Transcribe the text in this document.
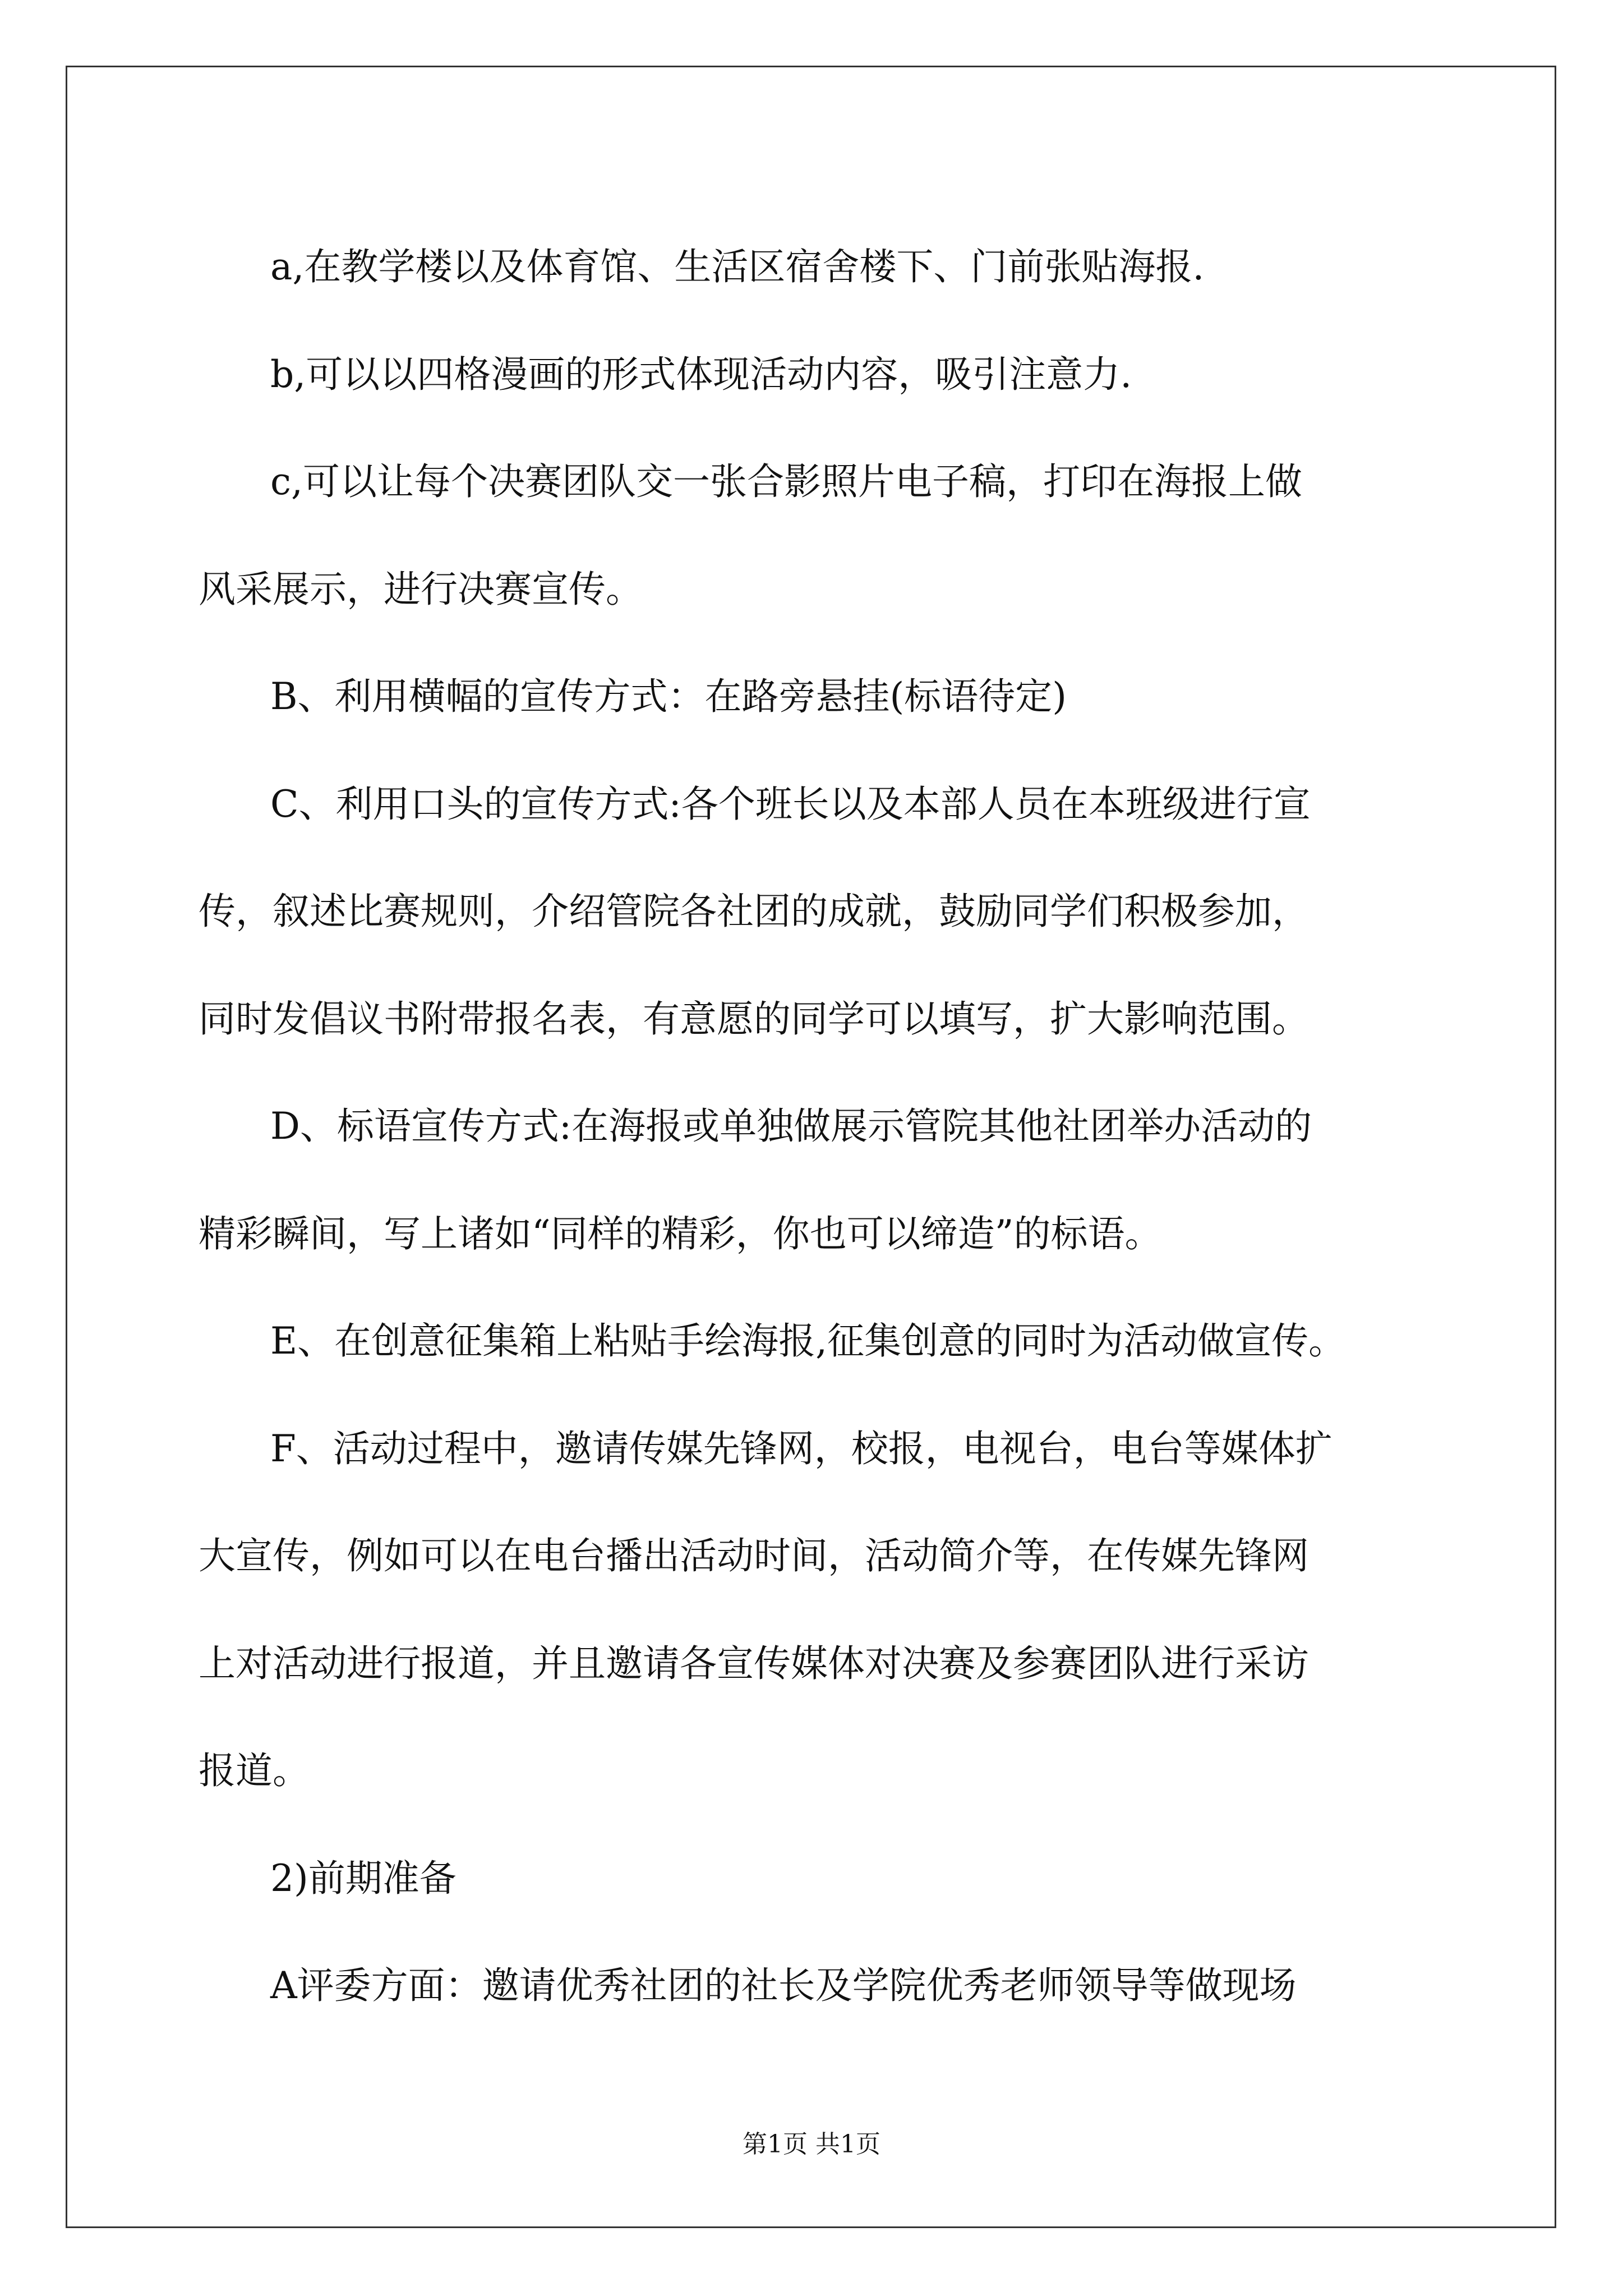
a,在教学楼以及体育馆、生活区宿舍楼下、门前张贴海报.

b,可以以四格漫画的形式体现活动内容，吸引注意力.

c,可以让每个决赛团队交一张合影照片电子稿，打印在海报上做

风采展示，进行决赛宣传。

B、利用横幅的宣传方式：在路旁悬挂(标语待定)

C、利用口头的宣传方式:各个班长以及本部人员在本班级进行宣

传，叙述比赛规则，介绍管院各社团的成就，鼓励同学们积极参加，

同时发倡议书附带报名表，有意愿的同学可以填写，扩大影响范围。

D、标语宣传方式:在海报或单独做展示管院其他社团举办活动的

精彩瞬间，写上诸如“同样的精彩，你也可以缔造”的标语。

E、在创意征集箱上粘贴手绘海报,征集创意的同时为活动做宣传。

F、活动过程中，邀请传媒先锋网，校报，电视台，电台等媒体扩

大宣传，例如可以在电台播出活动时间，活动简介等，在传媒先锋网

上对活动进行报道，并且邀请各宣传媒体对决赛及参赛团队进行采访

报道。

2)前期准备

A评委方面：邀请优秀社团的社长及学院优秀老师领导等做现场

第1页 共1页
